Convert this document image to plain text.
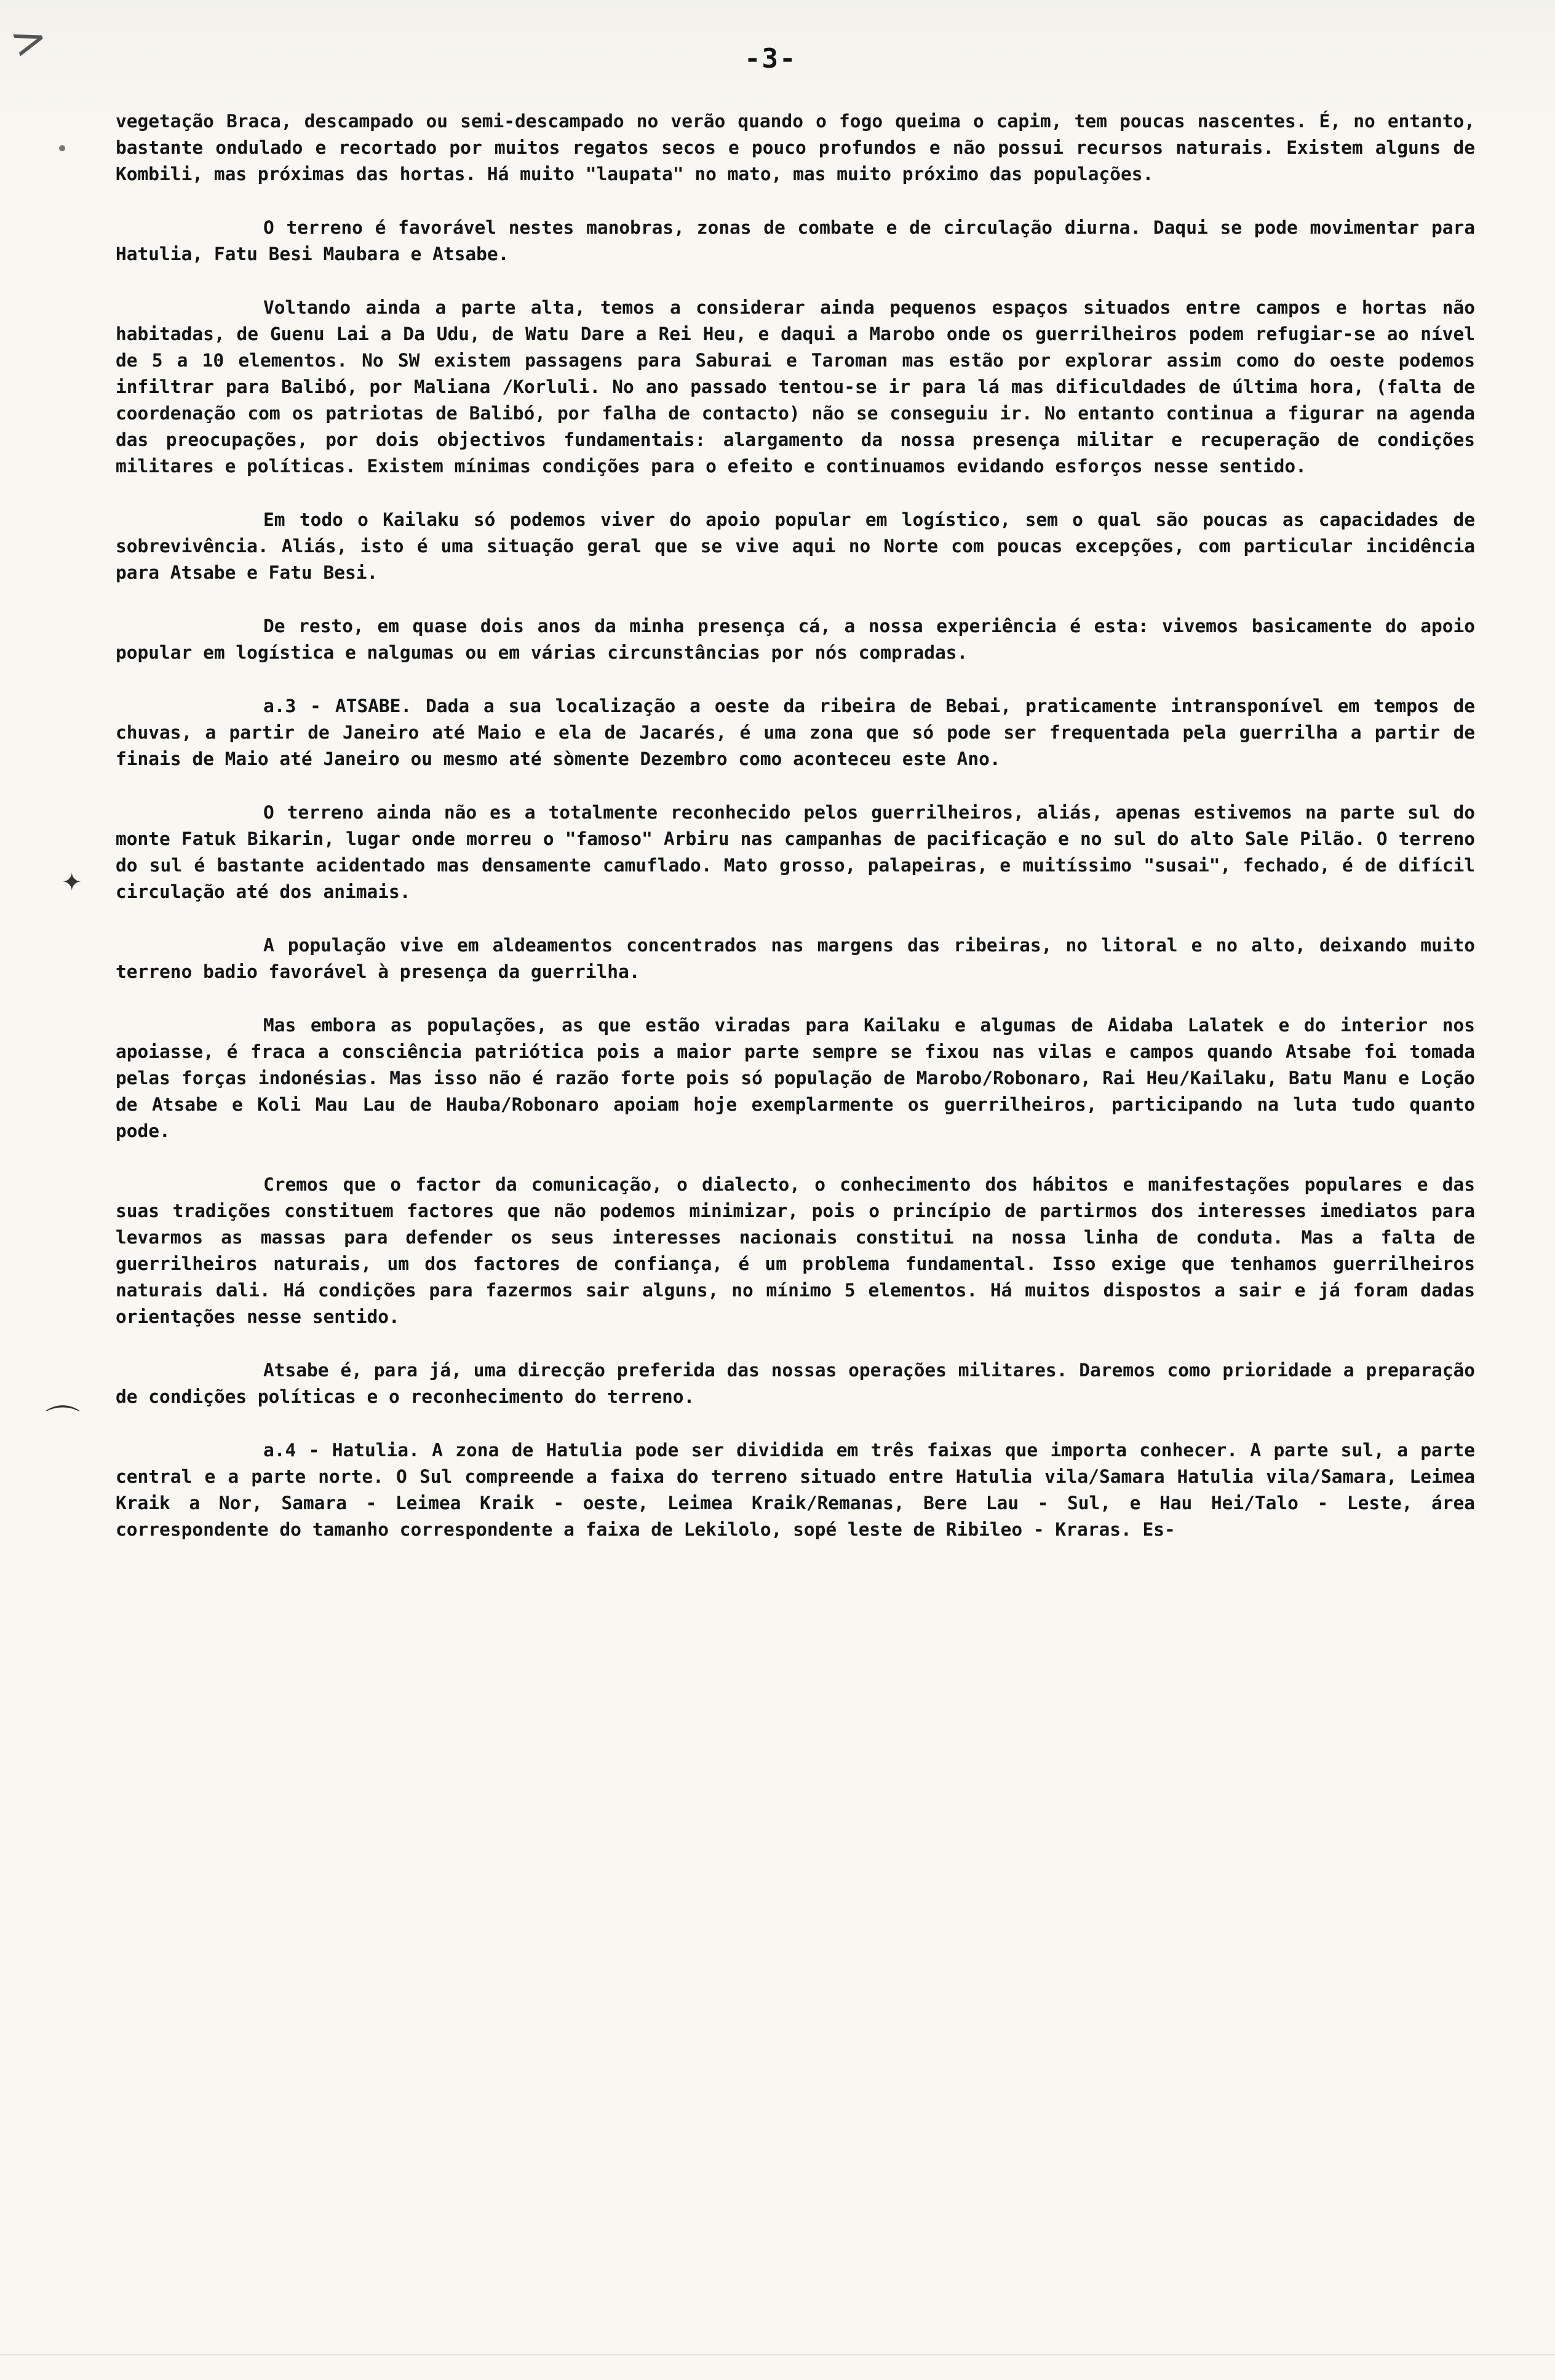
>
✦
⌒
-3-

vegetação Braca, descampado ou semi-descampado no verão quando o fogo queima o capim, tem poucas nascentes. É, no entanto, bastante ondulado e recortado por muitos regatos secos e pouco profundos e não possui recursos naturais. Existem alguns de Kombili, mas próximas das hortas. Há muito "laupata" no mato, mas muito próximo das populações.

O terreno é favorável nestes manobras, zonas de combate e de circulação diurna. Daqui se pode movimentar para Hatulia, Fatu Besi Maubara e Atsabe.

Voltando ainda a parte alta, temos a considerar ainda pequenos espaços situados entre campos e hortas não habitadas, de Guenu Lai a Da Udu, de Watu Dare a Rei Heu, e daqui a Marobo onde os guerrilheiros podem refugiar-se ao nível de 5 a 10 elementos. No SW existem passagens para Saburai e Taroman mas estão por explorar assim como do oeste podemos infiltrar para Balibó, por Maliana /Korluli. No ano passado tentou-se ir para lá mas dificuldades de última hora, (falta de coordenação com os patriotas de Balibó, por falha de contacto) não se conseguiu ir. No entanto continua a figurar na agenda das preocupações, por dois objectivos fundamentais: alargamento da nossa presença militar e recuperação de condições militares e políticas. Existem mínimas condições para o efeito e continuamos evidando esforços nesse sentido.

Em todo o Kailaku só podemos viver do apoio popular em logístico, sem o qual são poucas as capacidades de sobrevivência. Aliás, isto é uma situação geral que se vive aqui no Norte com poucas excepções, com particular incidência para Atsabe e Fatu Besi.

De resto, em quase dois anos da minha presença cá, a nossa experiência é esta: vivemos basicamente do apoio popular em logística e nalgumas ou em várias circunstâncias por nós compradas.

a.3 - ATSABE. Dada a sua localização a oeste da ribeira de Bebai, praticamente intransponível em tempos de chuvas, a partir de Janeiro até Maio e ela de Jacarés, é uma zona que só pode ser frequentada pela guerrilha a partir de finais de Maio até Janeiro ou mesmo até sòmente Dezembro como aconteceu este Ano.

O terreno ainda não es a totalmente reconhecido pelos guerrilheiros, aliás, apenas estivemos na parte sul do monte Fatuk Bikarin, lugar onde morreu o "famoso" Arbiru nas campanhas de pacificação e no sul do alto Sale Pilão. O terreno do sul é bastante acidentado mas densamente camuflado. Mato grosso, palapeiras, e muitíssimo "susai", fechado, é de difícil circulação até dos animais.

A população vive em aldeamentos concentrados nas margens das ribeiras, no litoral e no alto, deixando muito terreno badio favorável à presença da guerrilha.

Mas embora as populações, as que estão viradas para Kailaku e algumas de Aidaba Lalatek e do interior nos apoiasse, é fraca a consciência patriótica pois a maior parte sempre se fixou nas vilas e campos quando Atsabe foi tomada pelas forças indonésias. Mas isso não é razão forte pois só população de Marobo/Robonaro, Rai Heu/Kailaku, Batu Manu e Loção de Atsabe e Koli Mau Lau de Hauba/Robonaro apoiam hoje exemplarmente os guerrilheiros, participando na luta tudo quanto pode.

Cremos que o factor da comunicação, o dialecto, o conhecimento dos hábitos e manifestações populares e das suas tradições constituem factores que não podemos minimizar, pois o princípio de partirmos dos interesses imediatos para levarmos as massas para defender os seus interesses nacionais constitui na nossa linha de conduta. Mas a falta de guerrilheiros naturais, um dos factores de confiança, é um problema fundamental. Isso exige que tenhamos guerrilheiros naturais dali. Há condições para fazermos sair alguns, no mínimo 5 elementos. Há muitos dispostos a sair e já foram dadas orientações nesse sentido.

Atsabe é, para já, uma direcção preferida das nossas operações militares. Daremos como prioridade a preparação de condições políticas e o reconhecimento do terreno.

a.4 - Hatulia. A zona de Hatulia pode ser dividida em três faixas que importa conhecer. A parte sul, a parte central e a parte norte. O Sul compreende a faixa do terreno situado entre Hatulia vila/Samara Hatulia vila/Samara, Leimea Kraik a Nor, Samara - Leimea Kraik - oeste, Leimea Kraik/Remanas, Bere Lau - Sul, e Hau Hei/Talo - Leste, área correspondente do tamanho correspondente a faixa de Lekilolo, sopé leste de Ribileo - Kraras. Es-
